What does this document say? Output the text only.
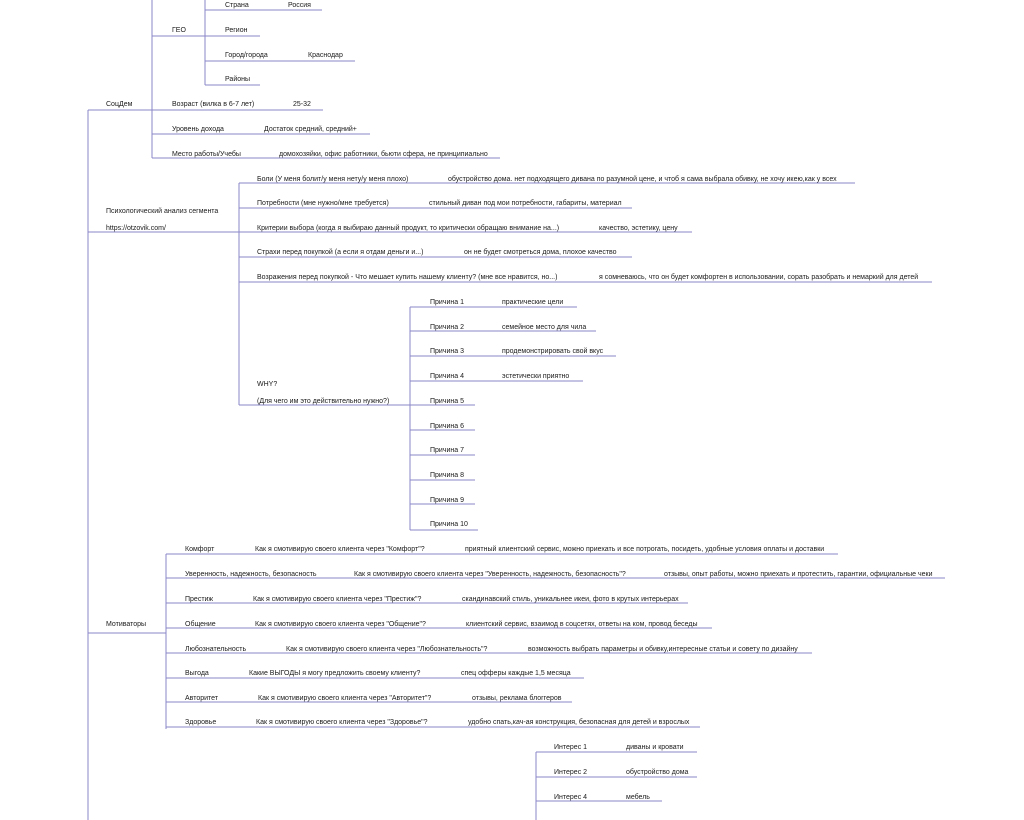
СоцДем
ГЕО
Страна	Россия
Регион
Город/города	Краснодар
Районы
Возраст (вилка в 6-7 лет)	25-32
Уровень дохода	Достаток средний, средний+
Место работы/Учебы	домохозяйки, офис работники, бьюти сфера, не принципиально
Психологический анализ сегмента
https://otzovik.com/
Боли (У меня болит/у меня нету/у меня плохо)	обустройство дома. нет подходящего дивана по разумной цене, и чтоб я сама выбрала обивку, не хочу икею,как у всех
Потребности (мне нужно/мне требуется)	стильный диван под мои потребности, габариты, материал
Критерии выбора (когда я выбираю данный продукт, то критически обращаю внимание на...)	качество, эстетику, цену
Страхи перед покупкой (а если я отдам деньги и...)	он не будет смотреться дома, плохое качество
Возражения перед покупкой - Что мешает купить нашему клиенту? (мне все нравится, но...)	я сомневаюсь, что он будет комфортен в использовании, сорать разобрать и немаркий для детей
WHY?
(Для чего им это действительно нужно?)
Причина 1	практические цели
Причина 2	семейное место для чила
Причина 3	продемонстрировать свой вкус
Причина 4	эстетически приятно
Причина 5
Причина 6
Причина 7
Причина 8
Причина 9
Причина 10
Мотиваторы
Комфорт	Как я смотивирую своего клиента через "Комфорт"?	приятный клиентский сервис, можно приехать и все потрогать, посидеть, удобные условия оплаты и доставки
Уверенность, надежность, безопасность	Как я смотивирую своего клиента через "Уверенность, надежность, безопасность"?	отзывы, опыт работы, можно приехать и протестить, гарантии, официальные чеки
Престиж	Как я смотивирую своего клиента через "Престиж"?	скандинавский стиль, уникальнее икеи, фото в крутых интерьерах
Общение	Как я смотивирую своего клиента через "Общение"?	клиентский сервис, взаимод в соцсетях, ответы на ком, провод беседы
Любознательность	Как я смотивирую своего клиента через "Любознательность"?	возможность выбрать параметры и обивку,интересные статьи и совету по дизайну
Выгода	Какие ВЫГОДЫ я могу предложить своему клиенту?	спец офферы каждые 1,5 месяца
Авторитет	Как я смотивирую своего клиента через "Авторитет"?	отзывы, реклама блоггеров
Здоровье	Как я смотивирую своего клиента через "Здоровье"?	удобно спать,кач-ая конструкция, безопасная для детей и взрослых
Интерес 1	диваны и кровати
Интерес 2	обустройство дома
Интерес 4	мебель
